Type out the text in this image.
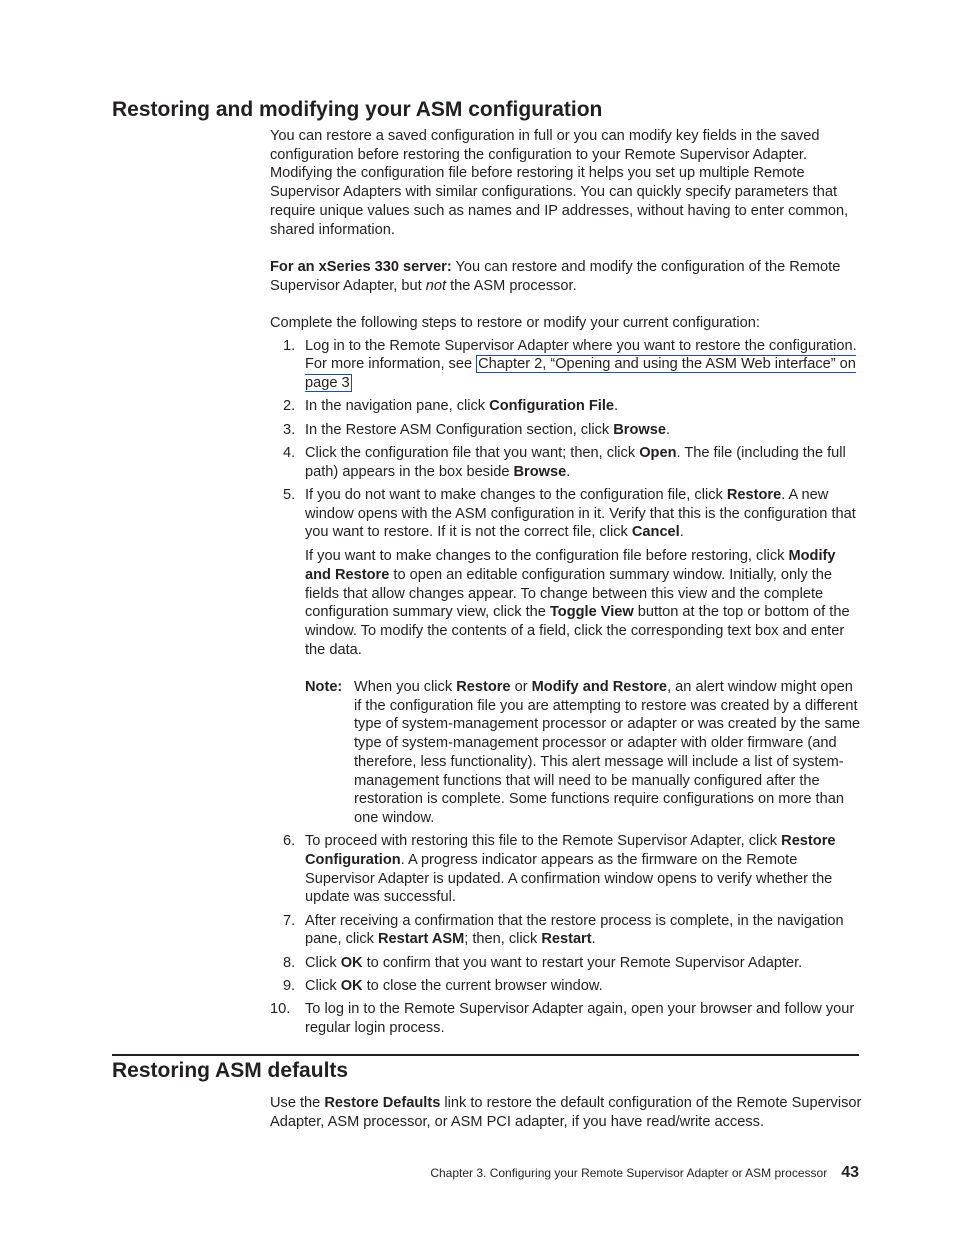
Restoring and modifying your ASM configuration

You can restore a saved configuration in full or you can modify key fields in the saved configuration before restoring the configuration to your Remote Supervisor Adapter. Modifying the configuration file before restoring it helps you set up multiple Remote Supervisor Adapters with similar configurations. You can quickly specify parameters that require unique values such as names and IP addresses, without having to enter common, shared information.

For an xSeries 330 server: You can restore and modify the configuration of the Remote Supervisor Adapter, but not the ASM processor.

Complete the following steps to restore or modify your current configuration:

1. Log in to the Remote Supervisor Adapter where you want to restore the configuration. For more information, see Chapter 2, “Opening and using the ASM Web interface” on page 3
2. In the navigation pane, click Configuration File.
3. In the Restore ASM Configuration section, click Browse.
4. Click the configuration file that you want; then, click Open. The file (including the full path) appears in the box beside Browse.
5. If you do not want to make changes to the configuration file, click Restore. A new window opens with the ASM configuration in it. Verify that this is the configuration that you want to restore. If it is not the correct file, click Cancel.

If you want to make changes to the configuration file before restoring, click Modify and Restore to open an editable configuration summary window. Initially, only the fields that allow changes appear. To change between this view and the complete configuration summary view, click the Toggle View button at the top or bottom of the window. To modify the contents of a field, click the corresponding text box and enter the data.

Note: When you click Restore or Modify and Restore, an alert window might open if the configuration file you are attempting to restore was created by a different type of system-management processor or adapter or was created by the same type of system-management processor or adapter with older firmware (and therefore, less functionality). This alert message will include a list of system-management functions that will need to be manually configured after the restoration is complete. Some functions require configurations on more than one window.
6. To proceed with restoring this file to the Remote Supervisor Adapter, click Restore Configuration. A progress indicator appears as the firmware on the Remote Supervisor Adapter is updated. A confirmation window opens to verify whether the update was successful.
7. After receiving a confirmation that the restore process is complete, in the navigation pane, click Restart ASM; then, click Restart.
8. Click OK to confirm that you want to restart your Remote Supervisor Adapter.
9. Click OK to close the current browser window.
10.	To log in to the Remote Supervisor Adapter again, open your browser and follow your regular login process.
Restoring ASM defaults

Use the Restore Defaults link to restore the default configuration of the Remote Supervisor Adapter, ASM processor, or ASM PCI adapter, if you have read/write access.

Chapter 3. Configuring your Remote Supervisor Adapter or ASM processor 43
